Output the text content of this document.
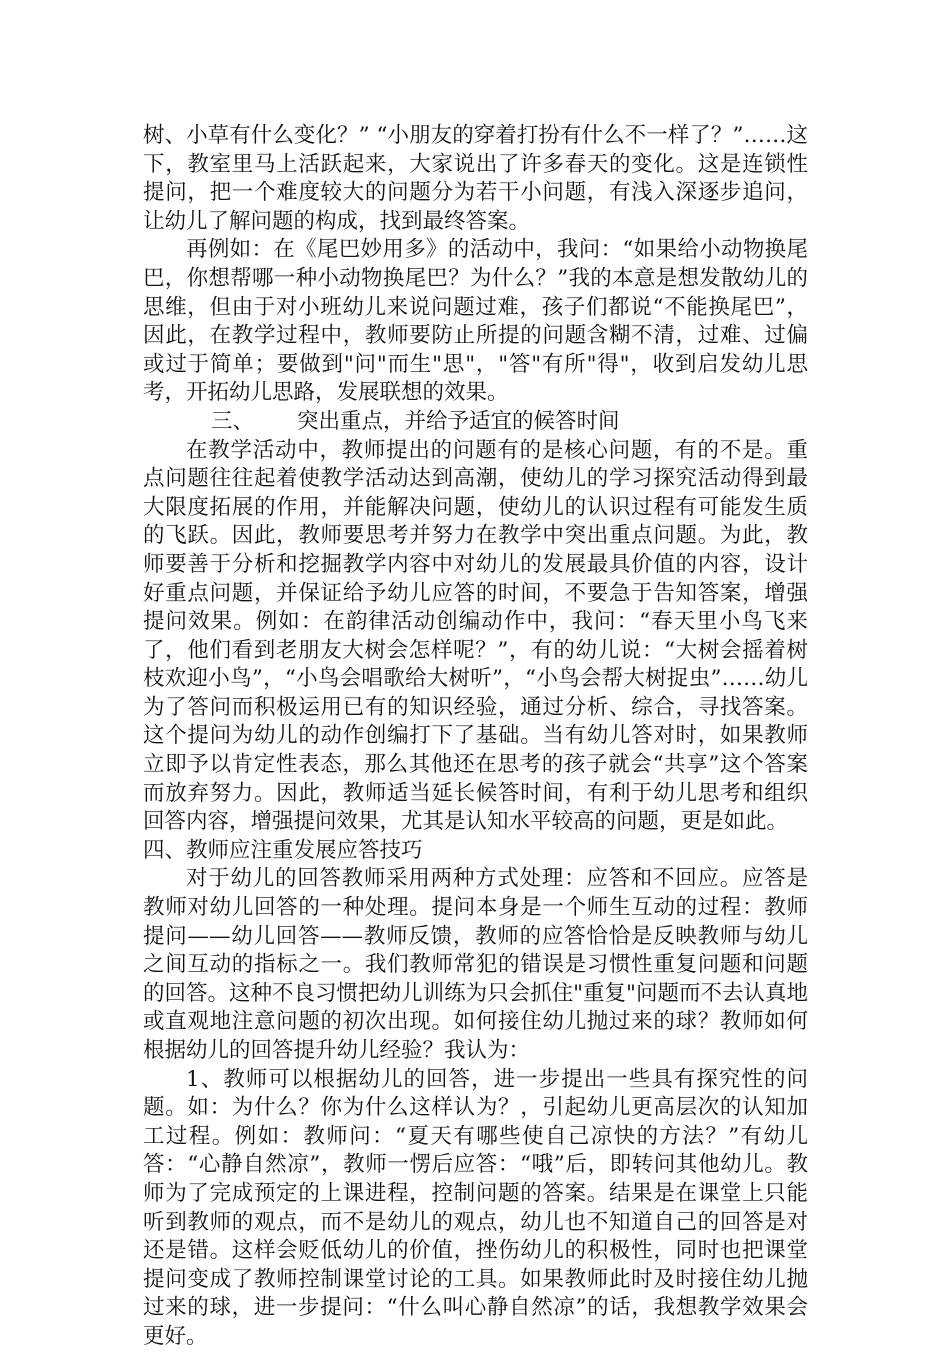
树、小草有什么变化？” “小朋友的穿着打扮有什么不一样了？”……这下，教室里马上活跃起来，大家说出了许多春天的变化。这是连锁性提问，把一个难度较大的问题分为若干小问题，有浅入深逐步追问，让幼儿了解问题的构成，找到最终答案。

再例如：在《尾巴妙用多》的活动中，我问：“如果给小动物换尾巴，你想帮哪一种小动物换尾巴？为什么？”我的本意是想发散幼儿的思维，但由于对小班幼儿来说问题过难，孩子们都说“不能换尾巴”，因此，在教学过程中，教师要防止所提的问题含糊不清，过难、过偏或过于简单；要做到"问"而生"思"，"答"有所"得"，收到启发幼儿思考，开拓幼儿思路，发展联想的效果。

三、 突出重点，并给予适宜的候答时间

在教学活动中，教师提出的问题有的是核心问题，有的不是。重点问题往往起着使教学活动达到高潮，使幼儿的学习探究活动得到最大限度拓展的作用，并能解决问题，使幼儿的认识过程有可能发生质的飞跃。因此，教师要思考并努力在教学中突出重点问题。为此，教师要善于分析和挖掘教学内容中对幼儿的发展最具价值的内容，设计好重点问题，并保证给予幼儿应答的时间，不要急于告知答案，增强提问效果。例如：在韵律活动创编动作中，我问：“春天里小鸟飞来了，他们看到老朋友大树会怎样呢？”，有的幼儿说：“大树会摇着树枝欢迎小鸟”，“小鸟会唱歌给大树听”，“小鸟会帮大树捉虫”……幼儿为了答问而积极运用已有的知识经验，通过分析、综合，寻找答案。这个提问为幼儿的动作创编打下了基础。当有幼儿答对时，如果教师立即予以肯定性表态，那么其他还在思考的孩子就会“共享”这个答案而放弃努力。因此，教师适当延长候答时间，有利于幼儿思考和组织回答内容，增强提问效果，尤其是认知水平较高的问题，更是如此。

四、教师应注重发展应答技巧

对于幼儿的回答教师采用两种方式处理：应答和不回应。应答是教师对幼儿回答的一种处理。提问本身是一个师生互动的过程：教师提问——幼儿回答——教师反馈，教师的应答恰恰是反映教师与幼儿之间互动的指标之一。我们教师常犯的错误是习惯性重复问题和问题的回答。这种不良习惯把幼儿训练为只会抓住"重复"问题而不去认真地或直观地注意问题的初次出现。如何接住幼儿抛过来的球？教师如何根据幼儿的回答提升幼儿经验？我认为：

1、教师可以根据幼儿的回答，进一步提出一些具有探究性的问题。如：为什么？你为什么这样认为？，引起幼儿更高层次的认知加工过程。例如：教师问：“夏天有哪些使自己凉快的方法？”有幼儿答：“心静自然凉”，教师一愣后应答：“哦”后，即转问其他幼儿。教师为了完成预定的上课进程，控制问题的答案。结果是在课堂上只能听到教师的观点，而不是幼儿的观点，幼儿也不知道自己的回答是对还是错。这样会贬低幼儿的价值，挫伤幼儿的积极性，同时也把课堂提问变成了教师控制课堂讨论的工具。如果教师此时及时接住幼儿抛过来的球，进一步提问：“什么叫心静自然凉”的话，我想教学效果会更好。
